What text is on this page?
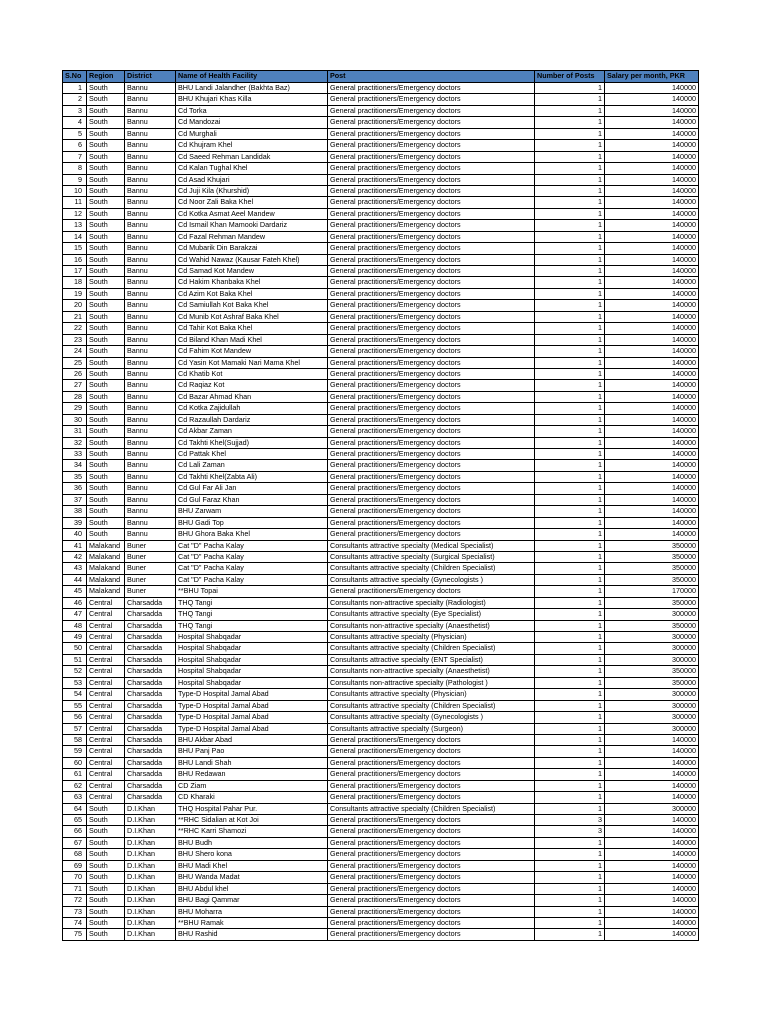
S.No	Region	District	Name of Health Facility	Post	Number of Posts	Salary per month, PKR
1	South	Bannu	BHU Landi Jalandher (Bakhta Baz)	General practitioners/Emergency doctors	1	140000
2	South	Bannu	BHU Khujari Khas Killa	General practitioners/Emergency doctors	1	140000
3	South	Bannu	Cd Torka	General practitioners/Emergency doctors	1	140000
4	South	Bannu	Cd Mandozai	General practitioners/Emergency doctors	1	140000
5	South	Bannu	Cd Murghali	General practitioners/Emergency doctors	1	140000
6	South	Bannu	Cd Khujram Khel	General practitioners/Emergency doctors	1	140000
7	South	Bannu	Cd Saeed Rehman Landidak	General practitioners/Emergency doctors	1	140000
8	South	Bannu	Cd Kalan Tughal Khel	General practitioners/Emergency doctors	1	140000
9	South	Bannu	Cd Asad Khujari	General practitioners/Emergency doctors	1	140000
10	South	Bannu	Cd Juji Kila (Khurshid)	General practitioners/Emergency doctors	1	140000
11	South	Bannu	Cd Noor Zali Baka Khel	General practitioners/Emergency doctors	1	140000
12	South	Bannu	Cd Kotka Asmat Aeel Mandew	General practitioners/Emergency doctors	1	140000
13	South	Bannu	Cd Ismail Khan Mamooki Dardariz	General practitioners/Emergency doctors	1	140000
14	South	Bannu	Cd Fazal Rehman Mandew	General practitioners/Emergency doctors	1	140000
15	South	Bannu	Cd Mubarik Din Barakzai	General practitioners/Emergency doctors	1	140000
16	South	Bannu	Cd Wahid Nawaz (Kausar Fateh Khel)	General practitioners/Emergency doctors	1	140000
17	South	Bannu	Cd Samad Kot Mandew	General practitioners/Emergency doctors	1	140000
18	South	Bannu	Cd Hakim Khanbaka Khel	General practitioners/Emergency doctors	1	140000
19	South	Bannu	Cd Azim Kot Baka Khel	General practitioners/Emergency doctors	1	140000
20	South	Bannu	Cd Samiullah Kot Baka Khel	General practitioners/Emergency doctors	1	140000
21	South	Bannu	Cd Munib Kot Ashraf Baka Khel	General practitioners/Emergency doctors	1	140000
22	South	Bannu	Cd Tahir Kot Baka Khel	General practitioners/Emergency doctors	1	140000
23	South	Bannu	Cd Biland Khan Madi Khel	General practitioners/Emergency doctors	1	140000
24	South	Bannu	Cd Fahim Kot Mandew	General practitioners/Emergency doctors	1	140000
25	South	Bannu	Cd Yasin Kot Mamaki Nari Mama Khel	General practitioners/Emergency doctors	1	140000
26	South	Bannu	Cd Khatib Kot	General practitioners/Emergency doctors	1	140000
27	South	Bannu	Cd Raqiaz Kot	General practitioners/Emergency doctors	1	140000
28	South	Bannu	Cd Bazar Ahmad Khan	General practitioners/Emergency doctors	1	140000
29	South	Bannu	Cd Kotka Zajidullah	General practitioners/Emergency doctors	1	140000
30	South	Bannu	Cd Razaullah Dardariz	General practitioners/Emergency doctors	1	140000
31	South	Bannu	Cd Akbar Zaman	General practitioners/Emergency doctors	1	140000
32	South	Bannu	Cd Takhti Khel(Sujjad)	General practitioners/Emergency doctors	1	140000
33	South	Bannu	Cd Pattak Khel	General practitioners/Emergency doctors	1	140000
34	South	Bannu	Cd Lali Zaman	General practitioners/Emergency doctors	1	140000
35	South	Bannu	Cd Takhti Khel(Zabta Ali)	General practitioners/Emergency doctors	1	140000
36	South	Bannu	Cd Gul Far Ali Jan	General practitioners/Emergency doctors	1	140000
37	South	Bannu	Cd Gul Faraz Khan	General practitioners/Emergency doctors	1	140000
38	South	Bannu	BHU Zarwam	General practitioners/Emergency doctors	1	140000
39	South	Bannu	BHU Gadi Top	General practitioners/Emergency doctors	1	140000
40	South	Bannu	BHU Ghora Baka Khel	General practitioners/Emergency doctors	1	140000
41	Malakand	Buner	Cat "D" Pacha Kalay	Consultants attractive specialty (Medical Specialist)	1	350000
42	Malakand	Buner	Cat "D" Pacha Kalay	Consultants attractive specialty (Surgical Specialist)	1	350000
43	Malakand	Buner	Cat "D" Pacha Kalay	Consultants attractive specialty (Children Specialist)	1	350000
44	Malakand	Buner	Cat "D" Pacha Kalay	Consultants attractive specialty (Gynecologists )	1	350000
45	Malakand	Buner	**BHU Topai	General practitioners/Emergency doctors	1	170000
46	Central	Charsadda	THQ Tangi	Consultants non-attractive specialty (Radiologist)	1	350000
47	Central	Charsadda	THQ Tangi	Consultants attractive specialty (Eye Specialist)	1	300000
48	Central	Charsadda	THQ Tangi	Consultants non-attractive specialty (Anaesthetist)	1	350000
49	Central	Charsadda	Hospital Shabqadar	Consultants attractive specialty (Physician)	1	300000
50	Central	Charsadda	Hospital Shabqadar	Consultants attractive specialty (Children Specialist)	1	300000
51	Central	Charsadda	Hospital Shabqadar	Consultants attractive specialty (ENT Specialist)	1	300000
52	Central	Charsadda	Hospital Shabqadar	Consultants non-attractive specialty (Anaesthetist)	1	350000
53	Central	Charsadda	Hospital Shabqadar	Consultants non-attractive specialty (Pathologist )	1	350000
54	Central	Charsadda	Type-D Hospital Jamal Abad	Consultants attractive specialty (Physician)	1	300000
55	Central	Charsadda	Type-D Hospital Jamal Abad	Consultants attractive specialty (Children Specialist)	1	300000
56	Central	Charsadda	Type-D Hospital Jamal Abad	Consultants attractive specialty (Gynecologists )	1	300000
57	Central	Charsadda	Type-D Hospital Jamal Abad	Consultants attractive specialty (Surgeon)	1	300000
58	Central	Charsadda	BHU Akbar Abad	General practitioners/Emergency doctors	1	140000
59	Central	Charsadda	BHU Panj Pao	General practitioners/Emergency doctors	1	140000
60	Central	Charsadda	BHU Landi Shah	General practitioners/Emergency doctors	1	140000
61	Central	Charsadda	BHU Redawan	General practitioners/Emergency doctors	1	140000
62	Central	Charsadda	CD Ziam	General practitioners/Emergency doctors	1	140000
63	Central	Charsadda	CD Kharaki	General practitioners/Emergency doctors	1	140000
64	South	D.I.Khan	THQ Hospital Pahar Pur.	Consultants attractive specialty (Children Specialist)	1	300000
65	South	D.I.Khan	**RHC Sidalian at Kot Joi	General practitioners/Emergency doctors	3	140000
66	South	D.I.Khan	**RHC Karri Shamozi	General practitioners/Emergency doctors	3	140000
67	South	D.I.Khan	BHU Budh	General practitioners/Emergency doctors	1	140000
68	South	D.I.Khan	BHU Shero kona	General practitioners/Emergency doctors	1	140000
69	South	D.I.Khan	BHU Madi Khel	General practitioners/Emergency doctors	1	140000
70	South	D.I.Khan	BHU Wanda Madat	General practitioners/Emergency doctors	1	140000
71	South	D.I.Khan	BHU Abdul khel	General practitioners/Emergency doctors	1	140000
72	South	D.I.Khan	BHU Bagi Qammar	General practitioners/Emergency doctors	1	140000
73	South	D.I.Khan	BHU Moharra	General practitioners/Emergency doctors	1	140000
74	South	D.I.Khan	**BHU Ramak	General practitioners/Emergency doctors	1	140000
75	South	D.I.Khan	BHU Rashid	General practitioners/Emergency doctors	1	140000
